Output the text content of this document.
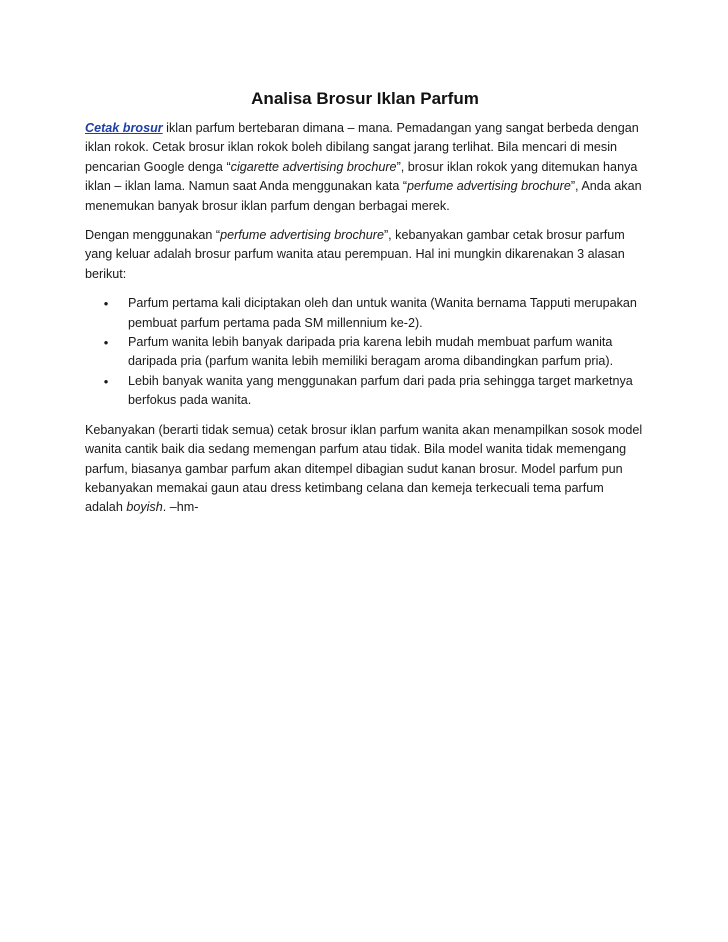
Analisa Brosur Iklan Parfum

Cetak brosur iklan parfum bertebaran dimana – mana. Pemadangan yang sangat berbeda dengan iklan rokok. Cetak brosur iklan rokok boleh dibilang sangat jarang terlihat. Bila mencari di mesin pencarian Google denga “cigarette advertising brochure”, brosur iklan rokok yang ditemukan hanya iklan – iklan lama. Namun saat Anda menggunakan kata “perfume advertising brochure”, Anda akan menemukan banyak brosur iklan parfum dengan berbagai merek.

Dengan menggunakan “perfume advertising brochure”, kebanyakan gambar cetak brosur parfum yang keluar adalah brosur parfum wanita atau perempuan. Hal ini mungkin dikarenakan 3 alasan berikut:

•	Parfum pertama kali diciptakan oleh dan untuk wanita (Wanita bernama Tapputi merupakan pembuat parfum pertama pada SM millennium ke-2).
•	Parfum wanita lebih banyak daripada pria karena lebih mudah membuat parfum wanita daripada pria (parfum wanita lebih memiliki beragam aroma dibandingkan parfum pria).
•	Lebih banyak wanita yang menggunakan parfum dari pada pria sehingga target marketnya berfokus pada wanita.

Kebanyakan (berarti tidak semua) cetak brosur iklan parfum wanita akan menampilkan sosok model wanita cantik baik dia sedang memengan parfum atau tidak. Bila model wanita tidak memengang parfum, biasanya gambar parfum akan ditempel dibagian sudut kanan brosur. Model parfum pun kebanyakan memakai gaun atau dress ketimbang celana dan kemeja terkecuali tema parfum adalah boyish. –hm-
